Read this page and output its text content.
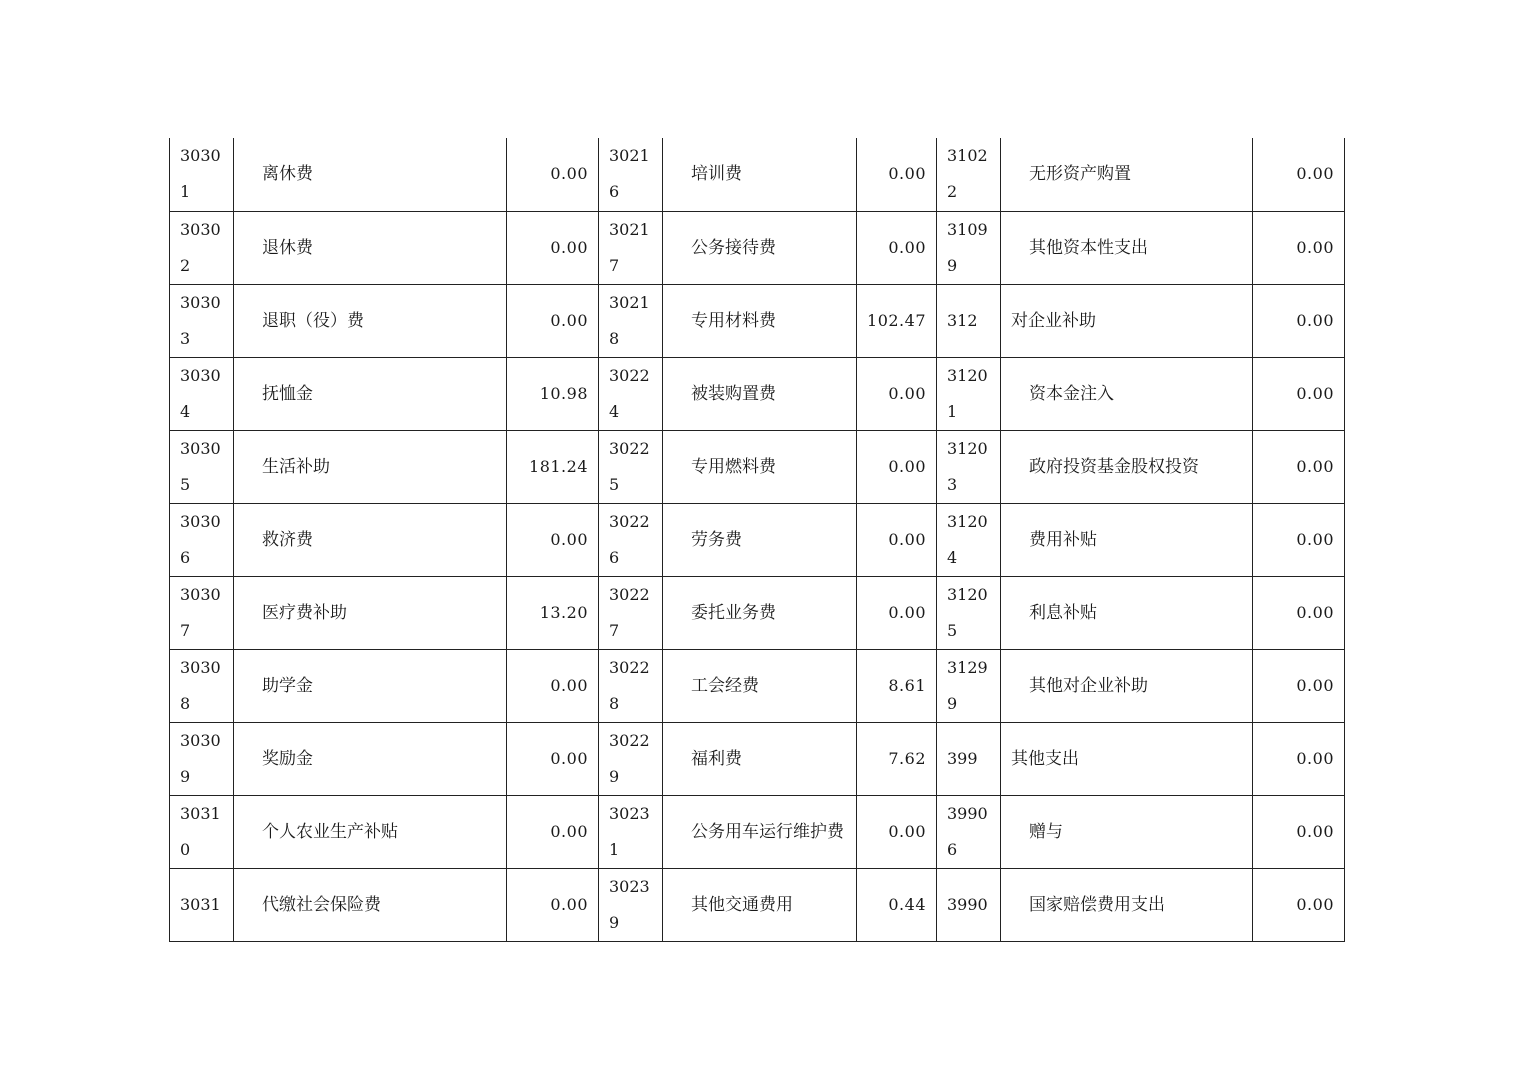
30301	离休费	0.00	30216	培训费	0.00	31022	无形资产购置	0.00
30302	退休费	0.00	30217	公务接待费	0.00	31099	其他资本性支出	0.00
30303	退职（役）费	0.00	30218	专用材料费	102.47	312	对企业补助	0.00
30304	抚恤金	10.98	30224	被装购置费	0.00	31201	资本金注入	0.00
30305	生活补助	181.24	30225	专用燃料费	0.00	31203	政府投资基金股权投资	0.00
30306	救济费	0.00	30226	劳务费	0.00	31204	费用补贴	0.00
30307	医疗费补助	13.20	30227	委托业务费	0.00	31205	利息补贴	0.00
30308	助学金	0.00	30228	工会经费	8.61	31299	其他对企业补助	0.00
30309	奖励金	0.00	30229	福利费	7.62	399	其他支出	0.00
30310	个人农业生产补贴	0.00	30231	公务用车运行维护费	0.00	39906	赠与	0.00
3031	代缴社会保险费	0.00	30239	其他交通费用	0.44	3990	国家赔偿费用支出	0.00
